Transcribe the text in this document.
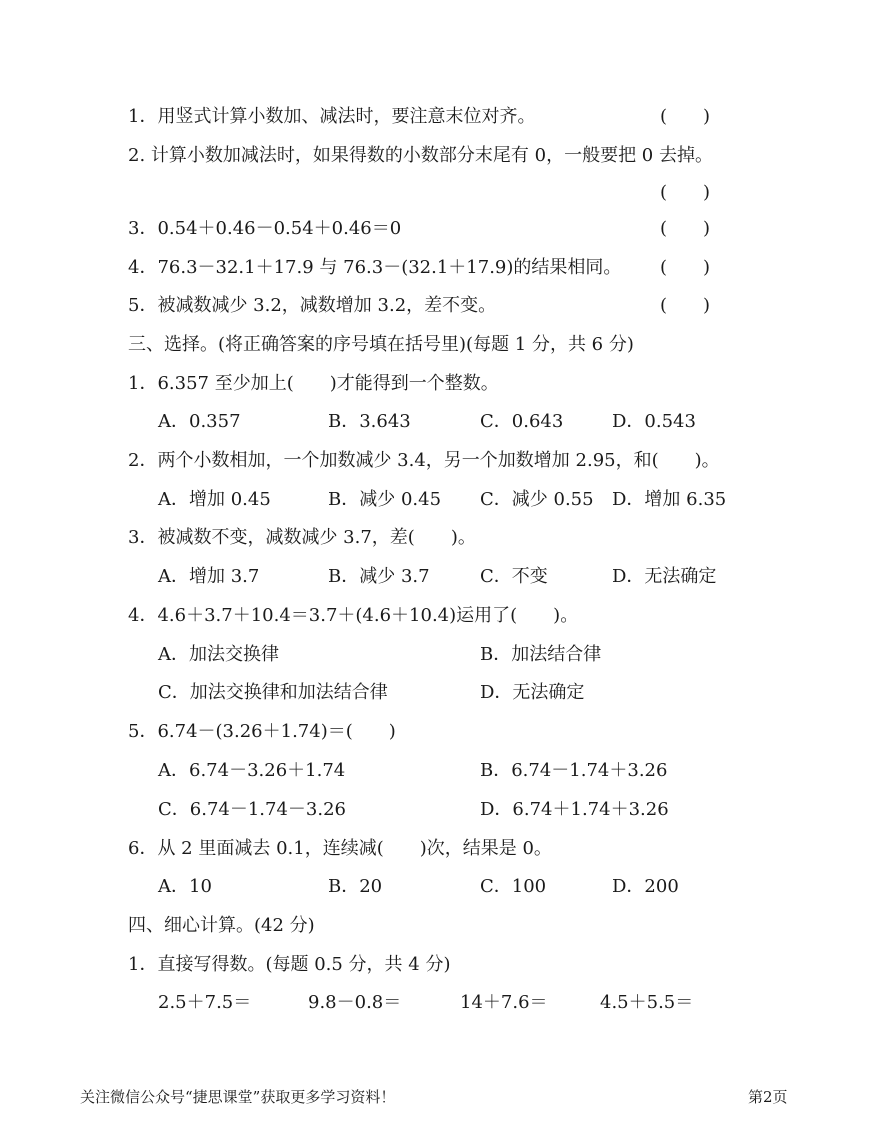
1．用竖式计算小数加、减法时，要注意末位对齐。	(　　)
2. 计算小数加减法时，如果得数的小数部分末尾有 0，一般要把 0 去掉。
(　　)
3．0.54＋0.46－0.54＋0.46＝0	(　　)
4．76.3－32.1＋17.9 与 76.3－(32.1＋17.9)的结果相同。 (　　)
5．被减数减少 3.2，减数增加 3.2，差不变。	(　　)
三、选择。(将正确答案的序号填在括号里)(每题 1 分，共 6 分)
1．6.357 至少加上(　　)才能得到一个整数。
A．0.357	B．3.643	C．0.643	D．0.543
2．两个小数相加，一个加数减少 3.4，另一个加数增加 2.95，和(　　)。
A．增加 0.45	B．减少 0.45 C．减少 0.55 D．增加 6.35
3．被减数不变，减数减少 3.7，差(　　)。
A．增加 3.7	B．减少 3.7	C．不变	D．无法确定
4．4.6＋3.7＋10.4＝3.7＋(4.6＋10.4)运用了(　　)。
A．加法交换律	B．加法结合律
C．加法交换律和加法结合律	D．无法确定
5．6.74－(3.26＋1.74)＝(　　)
A．6.74－3.26＋1.74	B．6.74－1.74＋3.26
C．6.74－1.74－3.26	D．6.74＋1.74＋3.26
6．从 2 里面减去 0.1，连续减(　　)次，结果是 0。
A．10	B．20	C．100	D．200
四、细心计算。(42 分)
1．直接写得数。(每题 0.5 分，共 4 分)
2.5＋7.5＝	9.8－0.8＝	14＋7.6＝	4.5＋5.5＝
关注微信公众号“捷思课堂”获取更多学习资料！	第2页
